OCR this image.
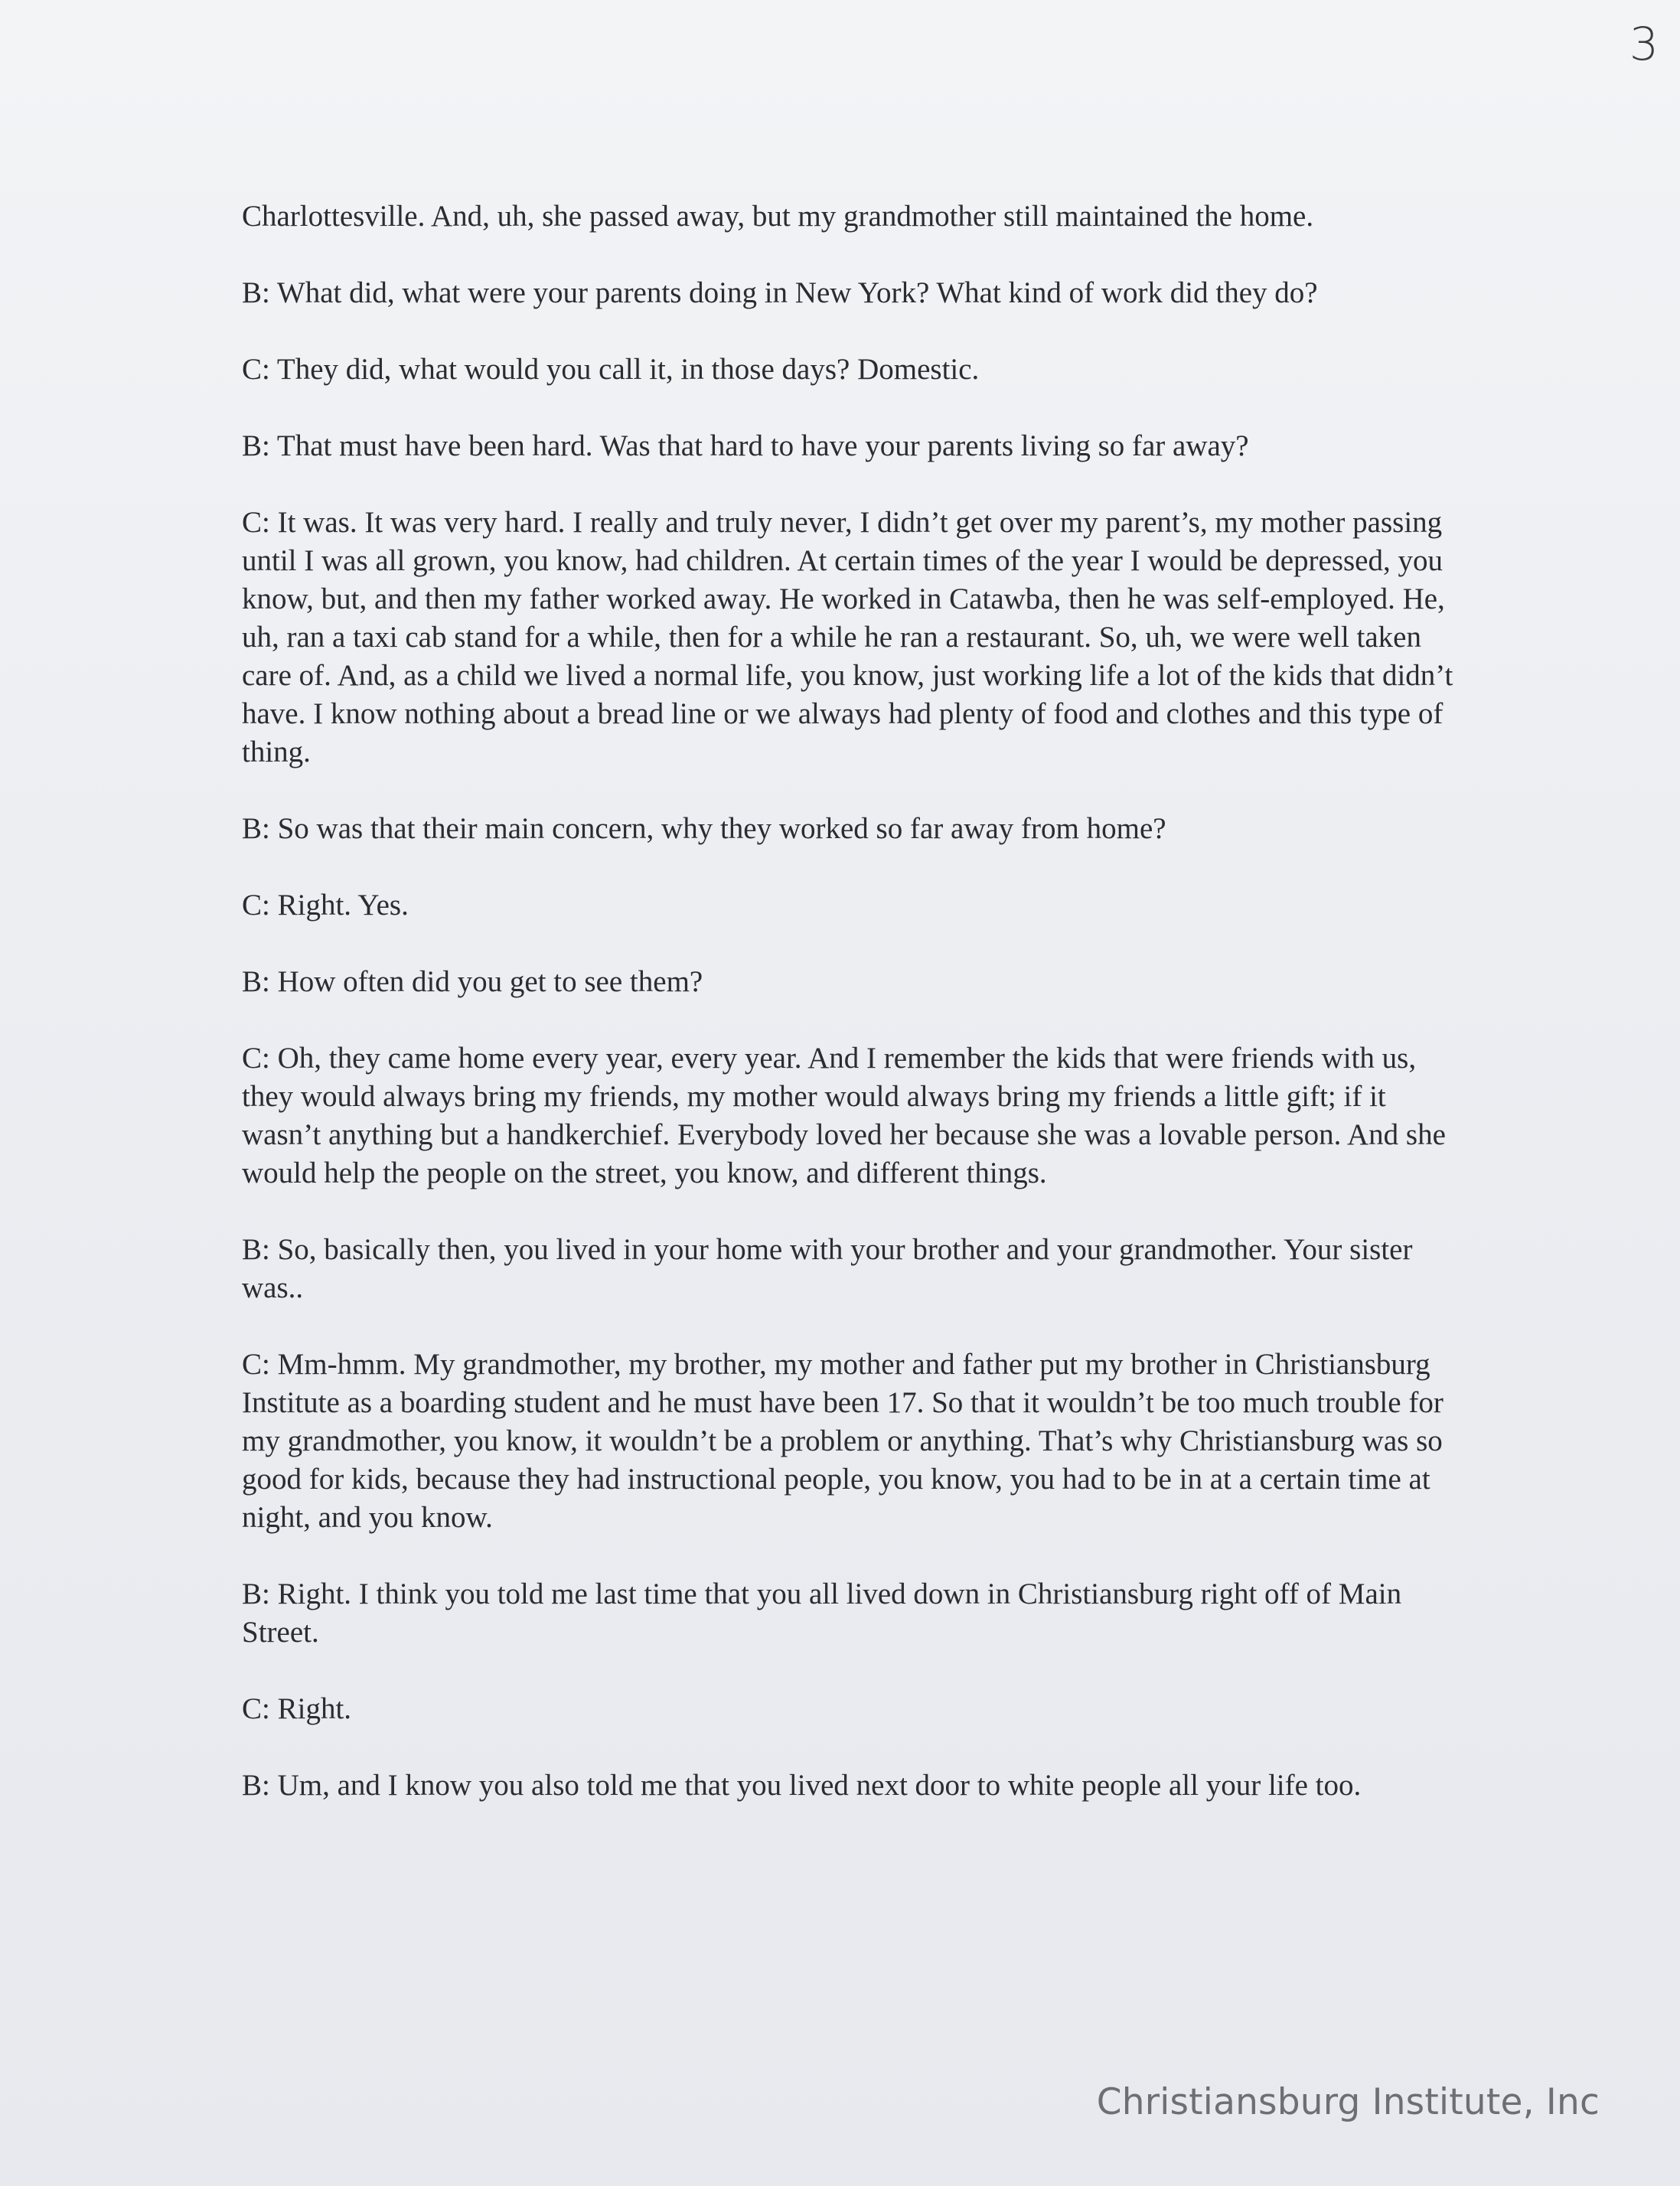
3

Charlottesville. And, uh, she passed away, but my grandmother still maintained the home.

B: What did, what were your parents doing in New York? What kind of work did they do?

C: They did, what would you call it, in those days? Domestic.

B: That must have been hard. Was that hard to have your parents living so far away?

C: It was. It was very hard. I really and truly never, I didn’t get over my parent’s, my mother passing until I was all grown, you know, had children. At certain times of the year I would be depressed, you know, but, and then my father worked away. He worked in Catawba, then he was self-employed. He, uh, ran a taxi cab stand for a while, then for a while he ran a restaurant. So, uh, we were well taken care of. And, as a child we lived a normal life, you know, just working life a lot of the kids that didn’t have. I know nothing about a bread line or we always had plenty of food and clothes and this type of thing.

B: So was that their main concern, why they worked so far away from home?

C: Right. Yes.

B: How often did you get to see them?

C: Oh, they came home every year, every year. And I remember the kids that were friends with us, they would always bring my friends, my mother would always bring my friends a little gift; if it wasn’t anything but a handkerchief. Everybody loved her because she was a lovable person. And she would help the people on the street, you know, and different things.

B: So, basically then, you lived in your home with your brother and your grandmother. Your sister was..

C: Mm-hmm. My grandmother, my brother, my mother and father put my brother in Christiansburg Institute as a boarding student and he must have been 17. So that it wouldn’t be too much trouble for my grandmother, you know, it wouldn’t be a problem or anything. That’s why Christiansburg was so good for kids, because they had instructional people, you know, you had to be in at a certain time at night, and you know.

B: Right. I think you told me last time that you all lived down in Christiansburg right off of Main Street.

C: Right.

B: Um, and I know you also told me that you lived next door to white people all your life too.

Christiansburg Institute, Inc
